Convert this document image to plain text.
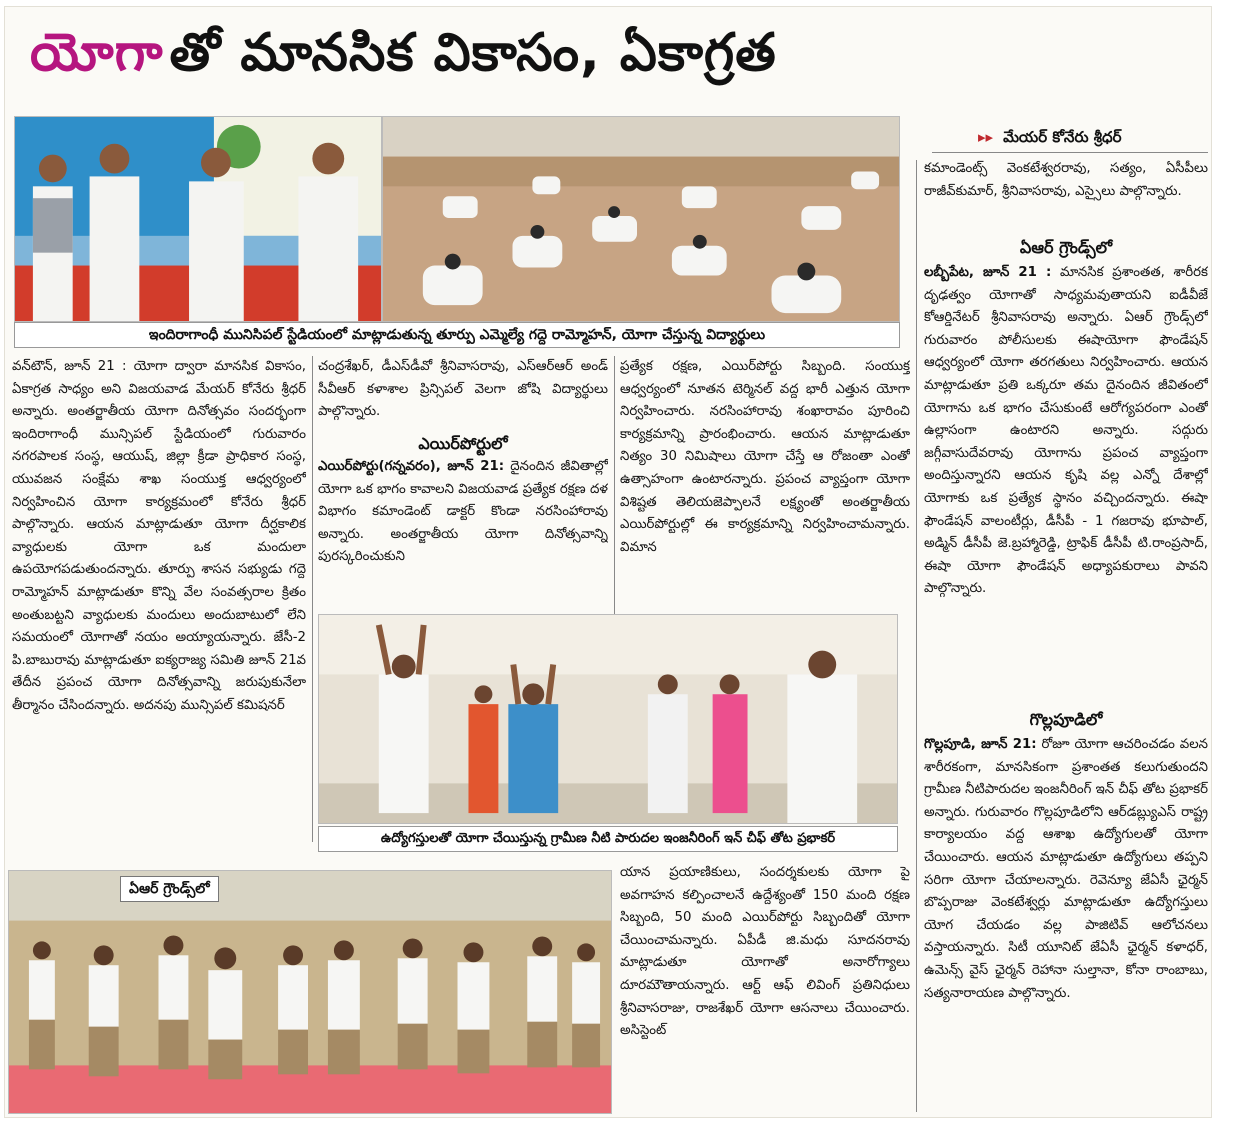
యోగా తో మానసిక వికాసం, ఏకాగ్రత
▸▸ మేయర్ కోనేరు శ్రీధర్
ఇందిరాగాంధీ మునిసిపల్ స్టేడియంలో మాట్లాడుతున్న తూర్పు ఎమ్మెల్యే గద్దె రామ్మోహన్, యోగా చేస్తున్న విద్యార్థులు

వన్‌టౌన్, జూన్ 21 : యోగా ద్వారా మానసిక వికాసం, ఏకాగ్రత సాధ్యం అని విజయవాడ మేయర్ కోనేరు శ్రీధర్ అన్నారు. అంతర్జాతీయ యోగా దినోత్సవం సందర్భంగా ఇందిరాగాంధీ మున్సిపల్ స్టేడియంలో గురువారం నగరపాలక సంస్థ, ఆయుష్, జిల్లా క్రీడా ప్రాధికార సంస్థ, యువజన సంక్షేమ శాఖ సంయుక్త ఆధ్వర్యంలో నిర్వహించిన యోగా కార్యక్రమంలో కోనేరు శ్రీధర్ పాల్గొన్నారు. ఆయన మాట్లాడుతూ యోగా దీర్ఘకాలిక వ్యాధులకు యోగా ఒక మందులా ఉపయోగపడుతుందన్నారు. తూర్పు శాసన సభ్యుడు గద్దె రామ్మోహన్ మాట్లాడుతూ కొన్ని వేల సంవత్సరాల క్రితం అంతుబట్టని వ్యాధులకు మందులు అందుబాటులో లేని సమయంలో యోగాతో నయం అయ్యాయన్నారు. జేసీ-2 పి.బాబురావు మాట్లాడుతూ ఐక్యరాజ్య సమితి జూన్ 21వ తేదీన ప్రపంచ యోగా దినోత్సవాన్ని జరుపుకునేలా తీర్మానం చేసిందన్నారు. అదనపు మున్సిపల్ కమిషనర్

చంద్రశేఖర్, డీఎస్‌డీవో శ్రీనివాసరావు, ఎస్ఆర్ఆర్ అండ్ సీవీఆర్ కళాశాల ప్రిన్సిపల్ వెలగా జోషి విద్యార్థులు పాల్గొన్నారు.

ఎయిర్‌పోర్టులో

ఎయిర్‌పోర్టు(గన్నవరం), జూన్ 21: దైనందిన జీవితాల్లో యోగా ఒక భాగం కావాలని విజయవాడ ప్రత్యేక రక్షణ దళ విభాగం కమాండెంట్ డాక్టర్ కొండా నరసింహారావు అన్నారు. అంతర్జాతీయ యోగా దినోత్సవాన్ని పురస్కరించుకుని

ప్రత్యేక రక్షణ, ఎయిర్‌పోర్టు సిబ్బంది. సంయుక్త ఆధ్వర్యంలో నూతన టెర్మినల్ వద్ద భారీ ఎత్తున యోగా నిర్వహించారు. నరసింహారావు శంఖారావం పూరించి కార్యక్రమాన్ని ప్రారంభించారు. ఆయన మాట్లాడుతూ నిత్యం 30 నిమిషాలు యోగా చేస్తే ఆ రోజంతా ఎంతో ఉత్సాహంగా ఉంటారన్నారు. ప్రపంచ వ్యాప్తంగా యోగా విశిష్టత తెలియజెప్పాలనే లక్ష్యంతో అంతర్జాతీయ ఎయిర్‌పోర్టుల్లో ఈ కార్యక్రమాన్ని నిర్వహించామన్నారు. విమాన

ఉద్యోగస్తులతో యోగా చేయిస్తున్న గ్రామీణ నీటి పారుదల ఇంజనీరింగ్ ఇన్ చీఫ్ తోట ప్రభాకర్
ఏఆర్ గ్రౌండ్స్‌లో

యాన ప్రయాణికులు, సందర్శకులకు యోగా పై అవగాహన కల్పించాలనే ఉద్దేశ్యంతో 150 మంది రక్షణ సిబ్బంది, 50 మంది ఎయిర్‌పోర్టు సిబ్బందితో యోగా చేయించామన్నారు. ఏపీడీ జి.మధు సూదనరావు మాట్లాడుతూ యోగాతో అనారోగ్యాలు దూరమౌతాయన్నారు. ఆర్ట్ ఆఫ్ లివింగ్ ప్రతినిధులు శ్రీనివాసరాజు, రాజశేఖర్ యోగా ఆసనాలు చేయించారు. అసిస్టెంట్

కమాండెంట్స్ వెంకటేశ్వరరావు, సత్యం, ఏసీపీలు రాజీవ్‌కుమార్, శ్రీనివాసరావు, ఎస్సైలు పాల్గొన్నారు.

ఏఆర్ గ్రౌండ్స్‌లో

లబ్బీపేట, జూన్ 21 : మానసిక ప్రశాంతత, శారీరక దృఢత్వం యోగాతో సాధ్యమవుతాయని ఐడీవీజే కోఆర్డినేటర్ శ్రీనివాసరావు అన్నారు. ఏఆర్ గ్రౌండ్స్‌లో గురువారం పోలీసులకు ఈషాయోగా ఫౌండేషన్ ఆధ్వర్యంలో యోగా తరగతులు నిర్వహించారు. ఆయన మాట్లాడుతూ ప్రతి ఒక్కరూ తమ దైనందిన జీవితంలో యోగాను ఒక భాగం చేసుకుంటే ఆరోగ్యపరంగా ఎంతో ఉల్లాసంగా ఉంటారని అన్నారు. సద్గురు జగ్గీవాసుదేవరావు యోగాను ప్రపంచ వ్యాప్తంగా అందిస్తున్నారని ఆయన కృషి వల్ల ఎన్నో దేశాల్లో యోగాకు ఒక ప్రత్యేక స్థానం వచ్చిందన్నారు. ఈషా ఫౌండేషన్ వాలంటీర్లు, డీసీపీ - 1 గజరావు భూపాల్, అడ్మిన్ డీసీపీ జె.బ్రహ్మారెడ్డి, ట్రాఫిక్ డీసీపీ టి.రాంప్రసాద్, ఈషా యోగా ఫౌండేషన్ అధ్యాపకురాలు పావని పాల్గొన్నారు.

గొల్లపూడిలో

గొల్లపూడి, జూన్ 21: రోజూ యోగా ఆచరించడం వలన శారీరకంగా, మానసికంగా ప్రశాంతత కలుగుతుందని గ్రామీణ నీటిపారుదల ఇంజనీరింగ్ ఇన్ చీఫ్ తోట ప్రభాకర్ అన్నారు. గురువారం గొల్లపూడిలోని ఆర్‌డబ్ల్యుఎస్ రాష్ట్ర కార్యాలయం వద్ద ఆశాఖ ఉద్యోగులతో యోగా చేయించారు. ఆయన మాట్లాడుతూ ఉద్యోగులు తప్పని సరిగా యోగా చేయాలన్నారు. రెవెన్యూ జేఏసీ ఛైర్మన్ బొప్పరాజు వెంకటేశ్వర్లు మాట్లాడుతూ ఉద్యోగస్తులు యోగ చేయడం వల్ల పాజిటివ్ ఆలోచనలు వస్తాయన్నారు. సిటీ యూనిట్ జేఏసీ ఛైర్మన్ కళాధర్, ఉమెన్స్ వైస్ ఛైర్మన్ రెహానా సుల్తానా, కోనా రాంబాబు, సత్యనారాయణ పాల్గొన్నారు.
